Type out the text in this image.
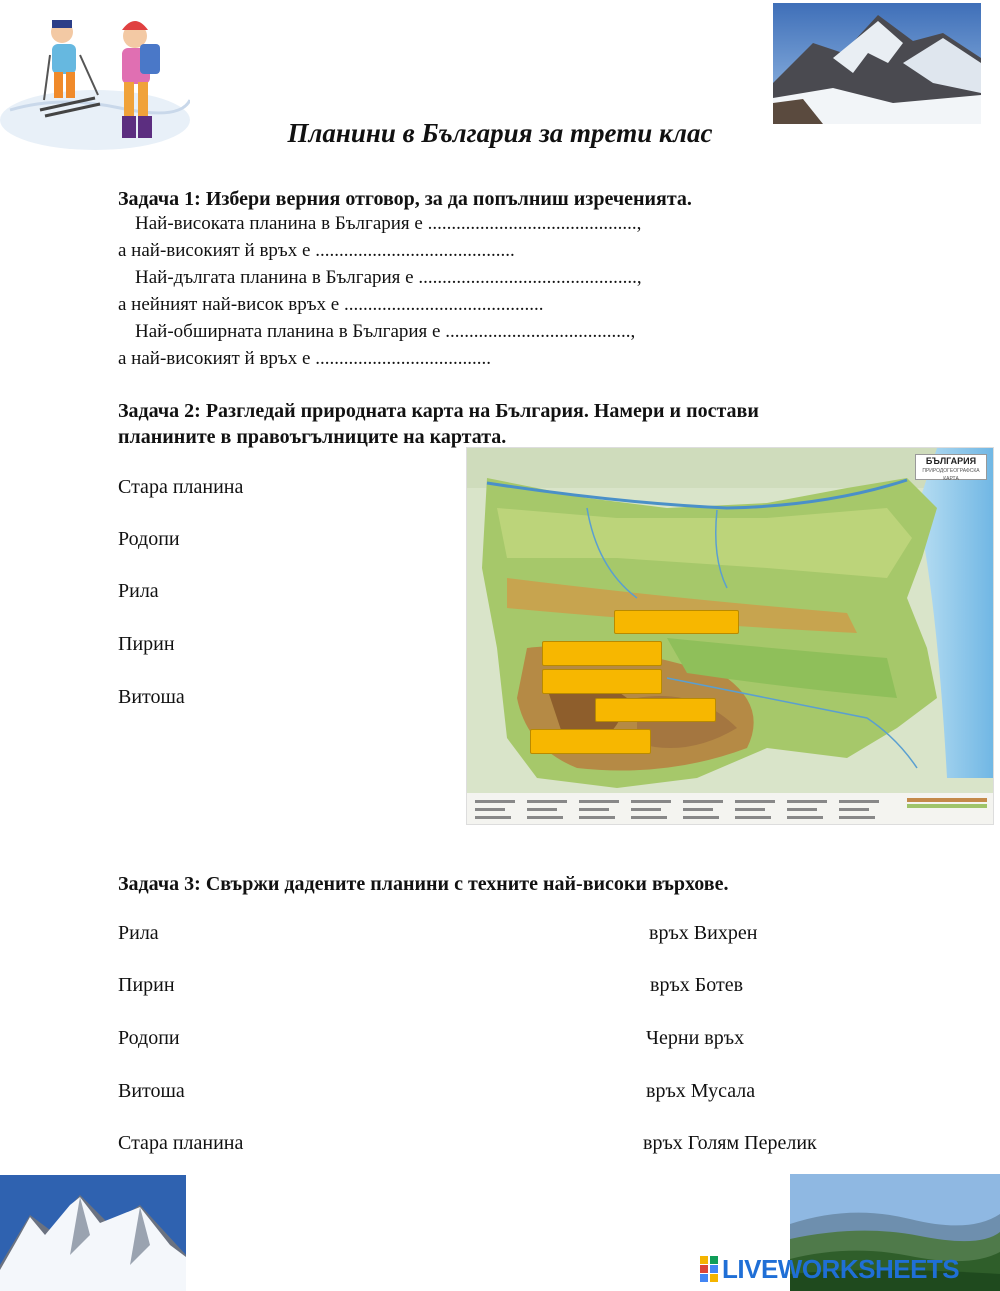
Планини в България за трети клас
Задача 1: Избери верния отговор, за да попълниш изреченията.
Най-високата планина в България е ............................................,
а най-високият й връх е ..........................................
Най-дългата планина в България е ..............................................,
а нейният най-висок връх е ..........................................
Най-обширната планина в България е .......................................,
а най-високият й връх е .....................................
Задача 2: Разгледай природната карта на България. Намери и постави
планините в правоъгълниците на картата.
Стара планина
Родопи
Рила
Пирин
Витоша
БЪЛГАРИЯ
ПРИРОДОГЕОГРАФСКА КАРТА
Задача 3: Свържи дадените планини с техните най-високи върхове.
Рила
Пирин
Родопи
Витоша
Стара планина
връх Вихрен
връх Ботев
Черни връх
връх Мусала
връх Голям Перелик
LIVEWORKSHEETS
